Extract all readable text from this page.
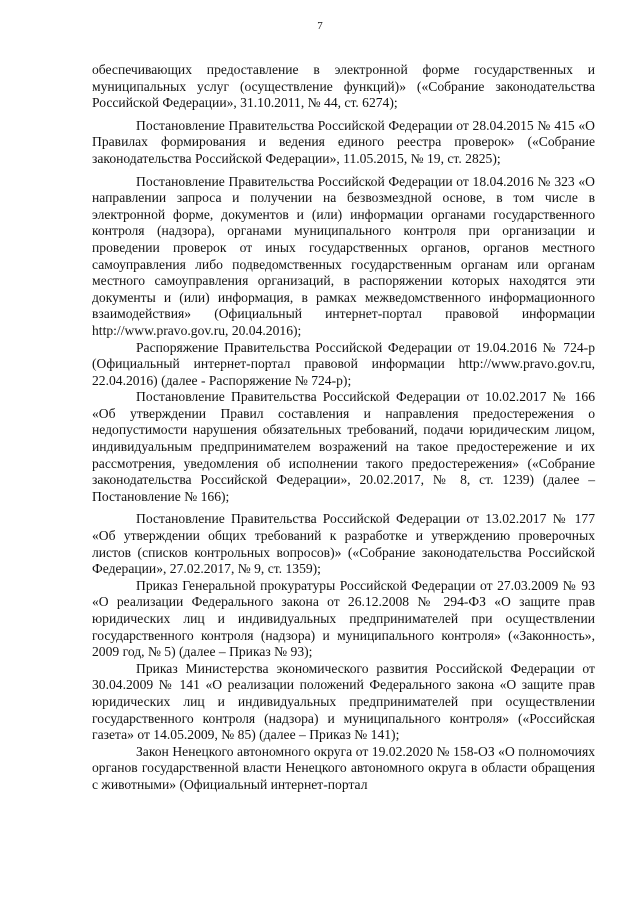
7

обеспечивающих предоставление в электронной форме государственных и муниципальных услуг (осуществление функций)» («Собрание законодательства Российской Федерации», 31.10.2011, № 44, ст. 6274);

Постановление Правительства Российской Федерации от 28.04.2015 № 415 «О Правилах формирования и ведения единого реестра проверок» («Собрание законодательства Российской Федерации», 11.05.2015, № 19, ст. 2825);

Постановление Правительства Российской Федерации от 18.04.2016 № 323 «О направлении запроса и получении на безвозмездной основе, в том числе в электронной форме, документов и (или) информации органами государственного контроля (надзора), органами муниципального контроля при организации и проведении проверок от иных государственных органов, органов местного самоуправления либо подведомственных государственным органам или органам местного самоуправления организаций, в распоряжении которых находятся эти документы и (или) информация, в рамках межведомственного информационного взаимодействия» (Официальный интернет-портал правовой информации http://www.pravo.gov.ru, 20.04.2016);

Распоряжение Правительства Российской Федерации от 19.04.2016 № 724-р (Официальный интернет-портал правовой информации http://www.pravo.gov.ru, 22.04.2016) (далее - Распоряжение № 724-р);

Постановление Правительства Российской Федерации от 10.02.2017 № 166 «Об утверждении Правил составления и направления предостережения о недопустимости нарушения обязательных требований, подачи юридическим лицом, индивидуальным предпринимателем возражений на такое предостережение и их рассмотрения, уведомления об исполнении такого предостережения» («Собрание законодательства Российской Федерации», 20.02.2017, № 8, ст. 1239) (далее – Постановление № 166);

Постановление Правительства Российской Федерации от 13.02.2017 № 177 «Об утверждении общих требований к разработке и утверждению проверочных листов (списков контрольных вопросов)» («Собрание законодательства Российской Федерации», 27.02.2017, № 9, ст. 1359);

Приказ Генеральной прокуратуры Российской Федерации от 27.03.2009 № 93 «О реализации Федерального закона от 26.12.2008 № 294-ФЗ «О защите прав юридических лиц и индивидуальных предпринимателей при осуществлении государственного контроля (надзора) и муниципального контроля» («Законность», 2009 год, № 5) (далее – Приказ № 93);

Приказ Министерства экономического развития Российской Федерации от 30.04.2009 № 141 «О реализации положений Федерального закона «О защите прав юридических лиц и индивидуальных предпринимателей при осуществлении государственного контроля (надзора) и муниципального контроля» («Российская газета» от 14.05.2009, № 85) (далее – Приказ № 141);

Закон Ненецкого автономного округа от 19.02.2020 № 158-ОЗ «О полномочиях органов государственной власти Ненецкого автономного округа в области обращения с животными» (Официальный интернет-портал
